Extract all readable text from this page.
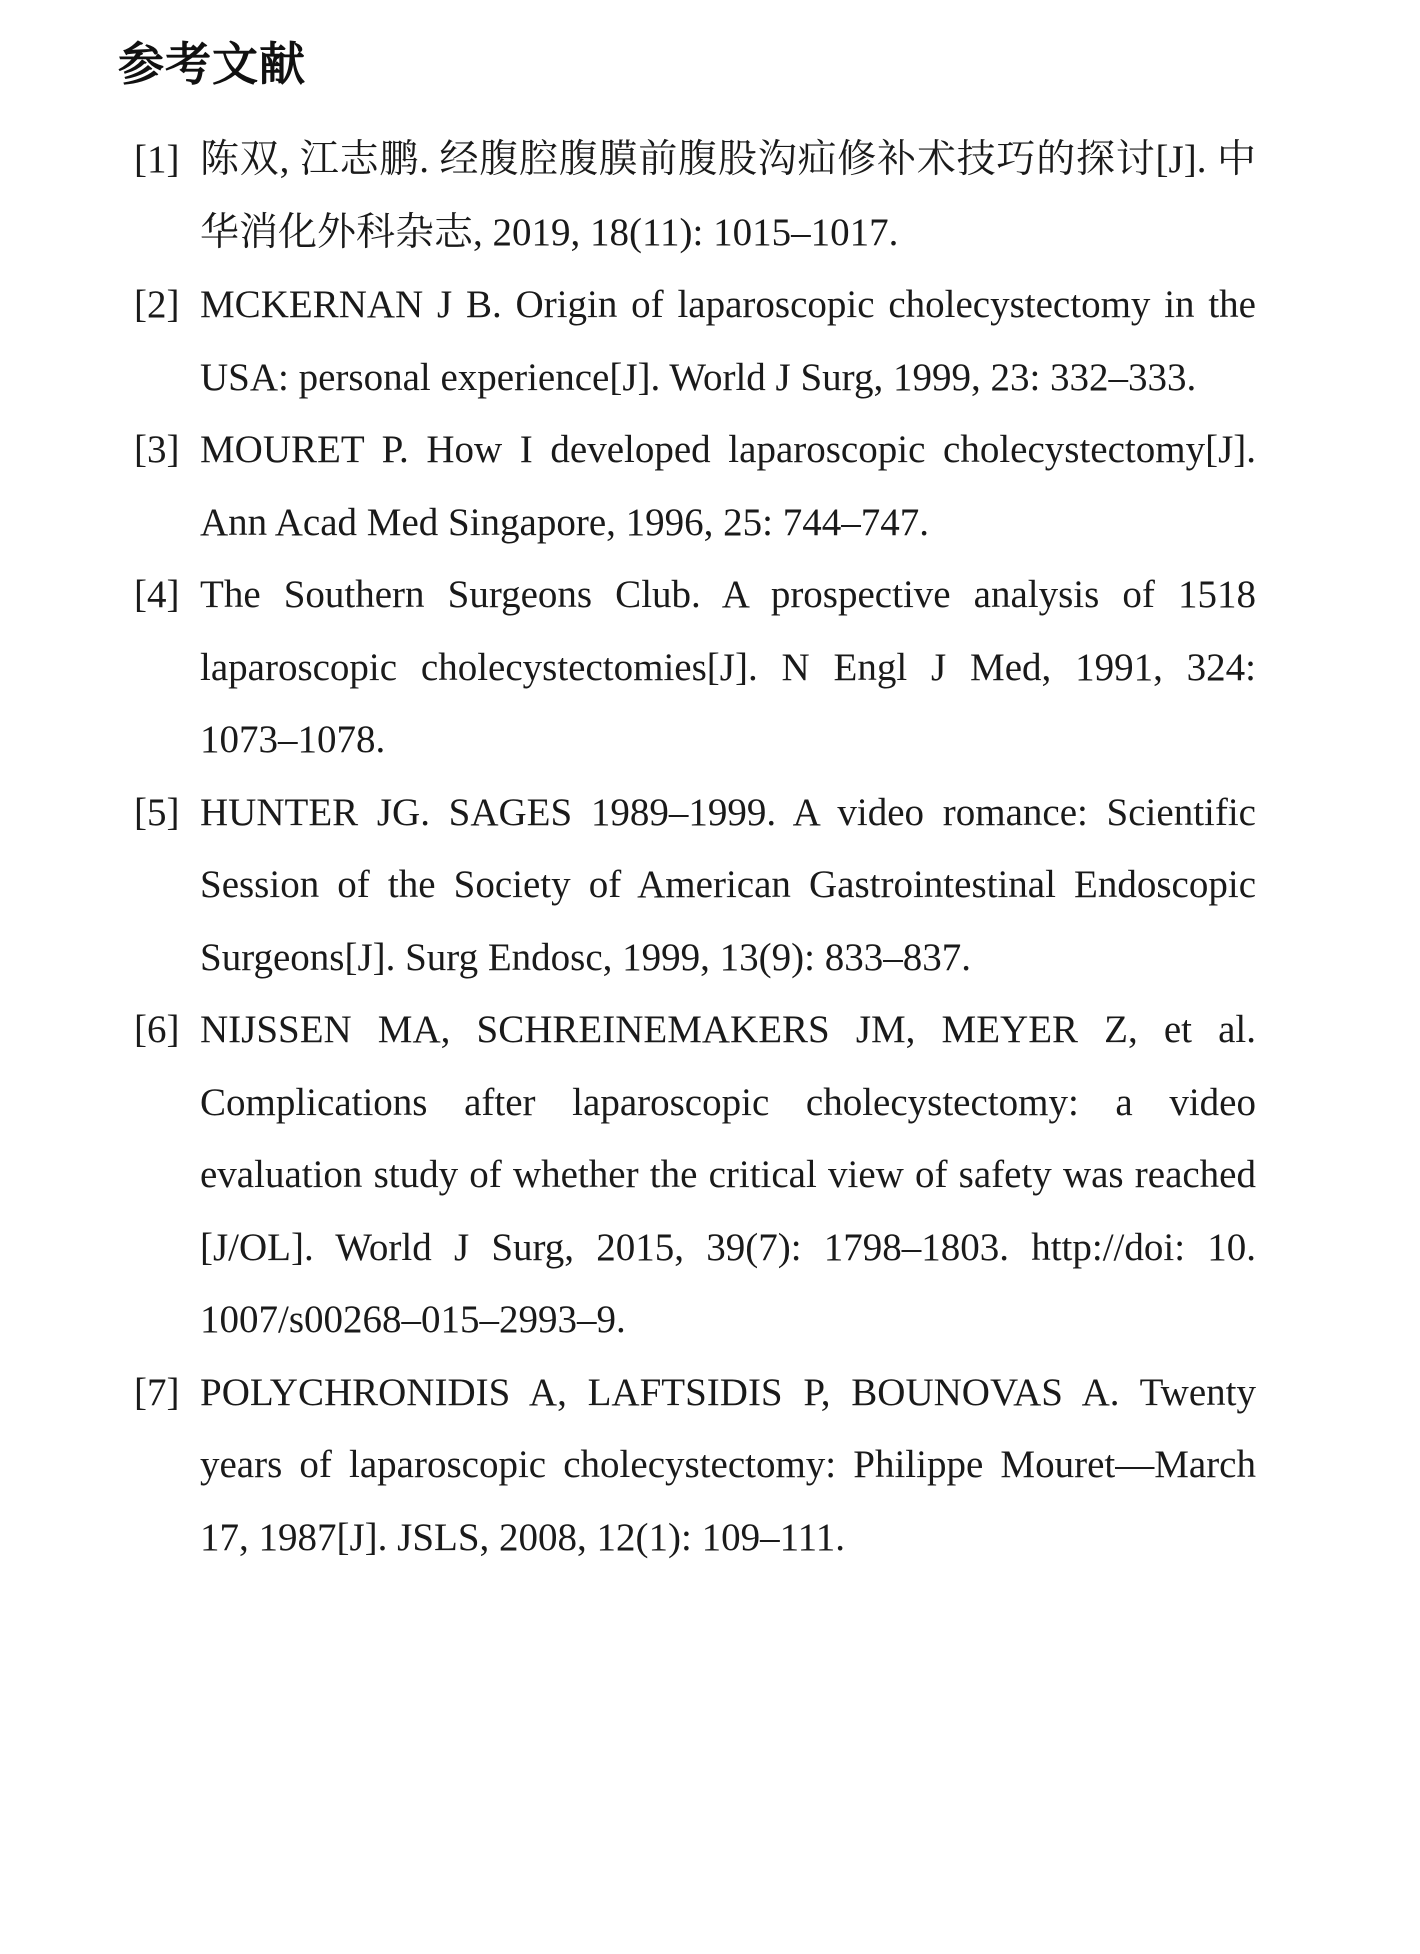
参考文献
[1] 陈双, 江志鹏. 经腹腔腹膜前腹股沟疝修补术技巧的探讨[J]. 中华消化外科杂志, 2019, 18(11): 1015–1017.
[2] MCKERNAN J B. Origin of laparoscopic cholecystectomy in the USA: personal experience[J]. World J Surg, 1999, 23: 332–333.
[3] MOURET P. How I developed laparoscopic cholecystectomy[J]. Ann Acad Med Singapore, 1996, 25: 744–747.
[4] The Southern Surgeons Club. A prospective analysis of 1518 laparoscopic cholecystectomies[J]. N Engl J Med, 1991, 324: 1073–1078.
[5] HUNTER JG. SAGES 1989–1999. A video romance: Scientific Session of the Society of American Gastrointestinal Endoscopic Surgeons[J]. Surg Endosc, 1999, 13(9): 833–837.
[6] NIJSSEN MA, SCHREINEMAKERS JM, MEYER Z, et al. Complications after laparoscopic cholecystectomy: a video evaluation study of whether the critical view of safety was reached [J/OL]. World J Surg, 2015, 39(7): 1798–1803. http://doi: 10. 1007/s00268–015–2993–9.
[7] POLYCHRONIDIS A, LAFTSIDIS P, BOUNOVAS A. Twenty years of laparoscopic cholecystectomy: Philippe Mouret––March 17, 1987[J]. JSLS, 2008, 12(1): 109–111.
